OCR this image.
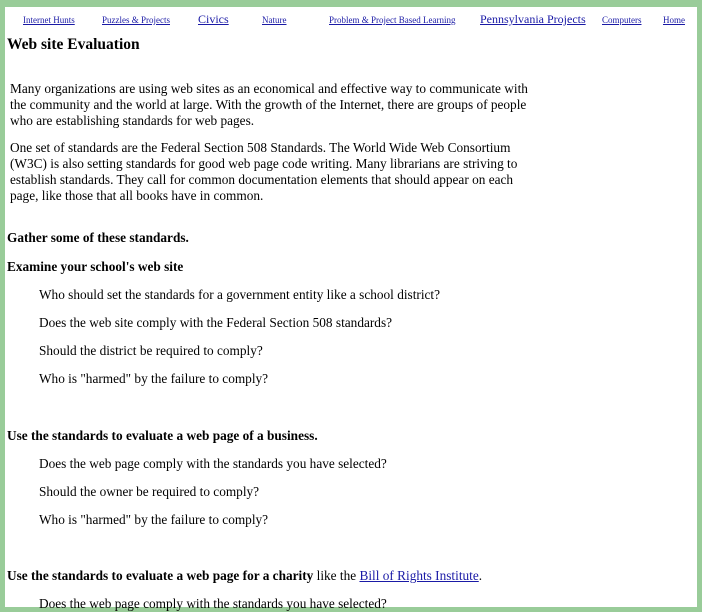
Internet Hunts	Puzzles & Projects Civics	Nature	Problem & Project Based Learning Pennsylvania Projects Computers Home
Web site Evaluation

Many organizations are using web sites as an economical and effective way to communicate with the community and the world at large. With the growth of the Internet, there are groups of people who are establishing standards for web pages.

One set of standards are the Federal Section 508 Standards. The World Wide Web Consortium (W3C) is also setting standards for good web page code writing. Many librarians are striving to establish standards. They call for common documentation elements that should appear on each page, like those that all books have in common.

Gather some of these standards.
Examine your school's web site
Who should set the standards for a government entity like a school district?
Does the web site comply with the Federal Section 508 standards?
Should the district be required to comply?
Who is "harmed" by the failure to comply?
Use the standards to evaluate a web page of a business.
Does the web page comply with the standards you have selected?
Should the owner be required to comply?
Who is "harmed" by the failure to comply?
Use the standards to evaluate a web page for a charity like the Bill of Rights Institute.
Does the web page comply with the standards you have selected?
